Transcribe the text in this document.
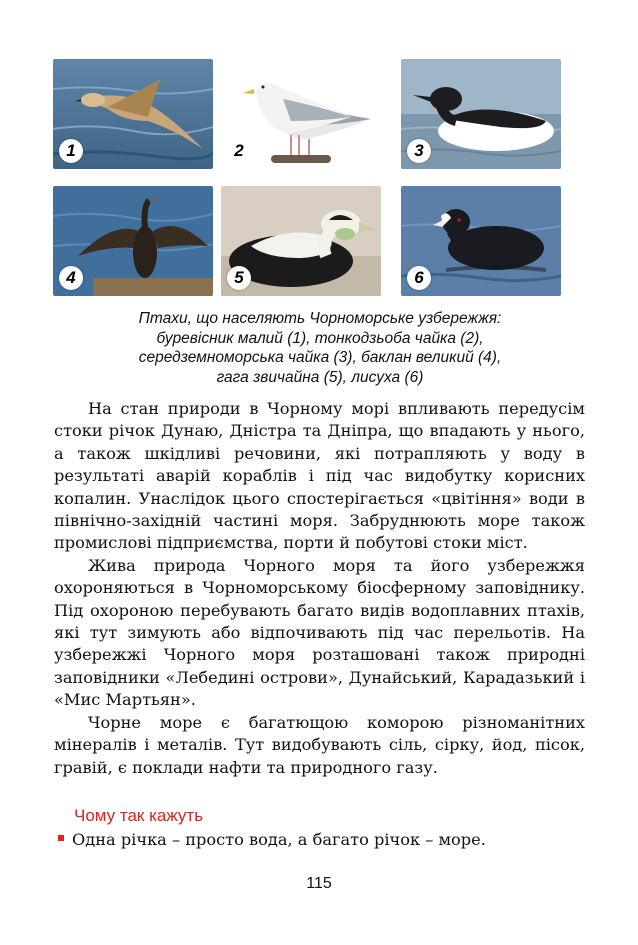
1	2	3
4	5	6
Птахи, що населяють Чорноморське узбережжя:
буревісник малий (1), тонкодзьоба чайка (2),
середземноморська чайка (3), баклан великий (4),
гага звичайна (5), лисуха (6)

На стан природи в Чорному морі впливають передусім стоки річок Дунаю, Дністра та Дніпра, що впадають у нього, а також шкідливі речовини, які потрапляють у воду в результаті аварій кораблів і під час видобутку корисних копалин. Унаслідок цього спостерігається «цвітіння» води в північно-західній частині моря. Забруднюють море також промислові підприємства, порти й побутові стоки міст.

Жива природа Чорного моря та його узбережжя охороняються в Чорноморському біосферному заповіднику. Під охороною перебувають багато видів водоплавних птахів, які тут зимують або відпочивають під час перельотів. На узбережжі Чорного моря розташовані також природні заповідники «Лебедині острови», Дунайський, Карадазький і «Мис Мартьян».

Чорне море є багатющою коморою різноманітних мінералів і металів. Тут видобувають сіль, сірку, йод, пісок, гравій, є поклади нафти та природного газу.

Чому так кажуть
Одна річка – просто вода, а багато річок – море.
115
